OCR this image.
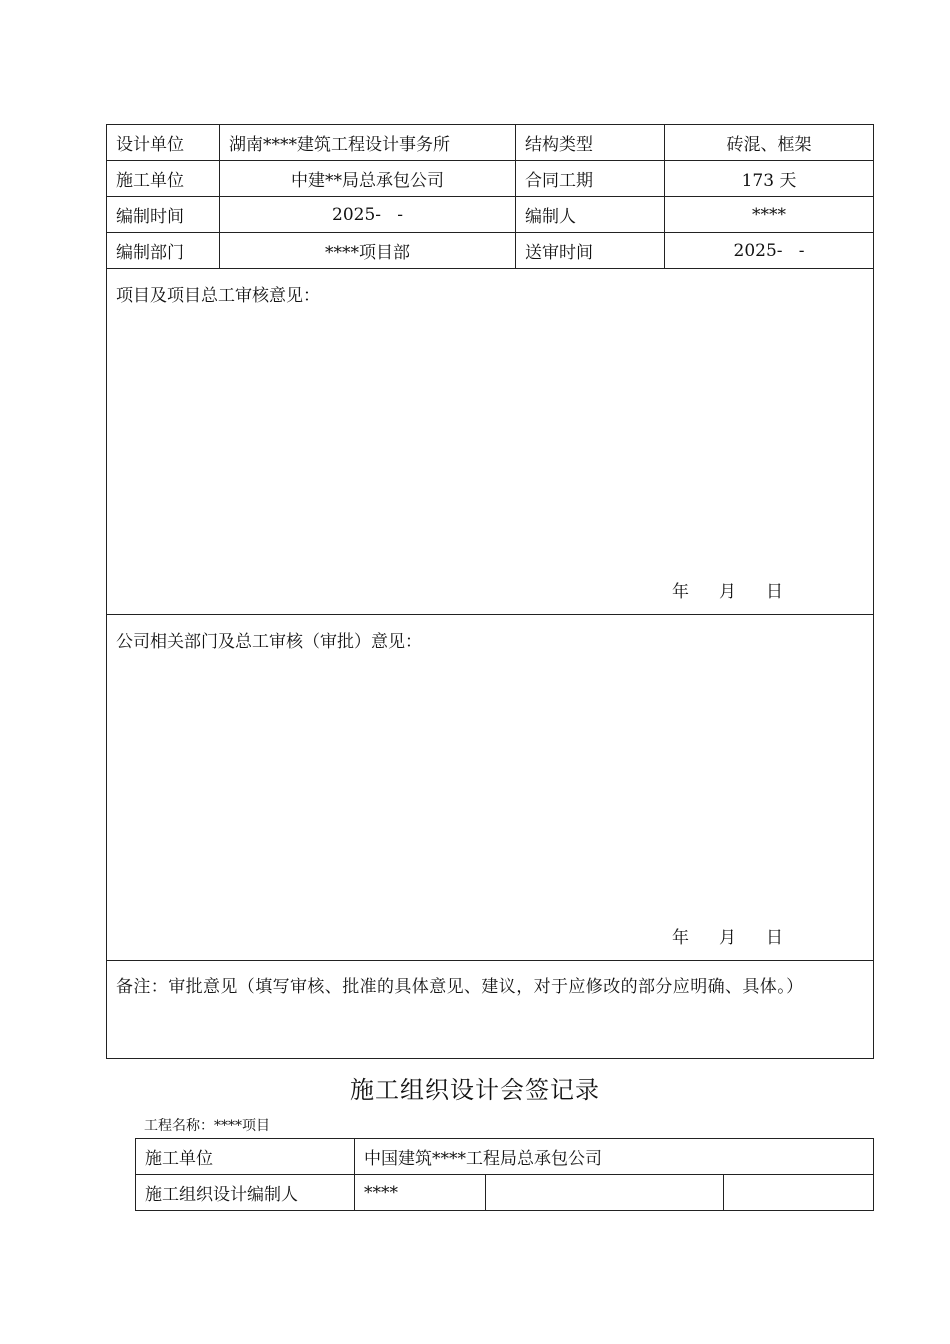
设计单位	湖南****建筑工程设计事务所	结构类型	砖混、框架
施工单位	中建**局总承包公司	合同工期	173 天
编制时间	2025-   -	编制人	****
编制部门	****项目部	送审时间	2025-   -

项目及项目总工审核意见：
年 月 日			

公司相关部门及总工审核（审批）意见：
年 月 日			

备注：审批意见（填写审核、批准的具体意见、建议，对于应修改的部分应明确、具体。）			
施工组织设计会签记录
工程名称：****项目
施工单位	中国建筑****工程局总承包公司		
施工组织设计编制人	****		
